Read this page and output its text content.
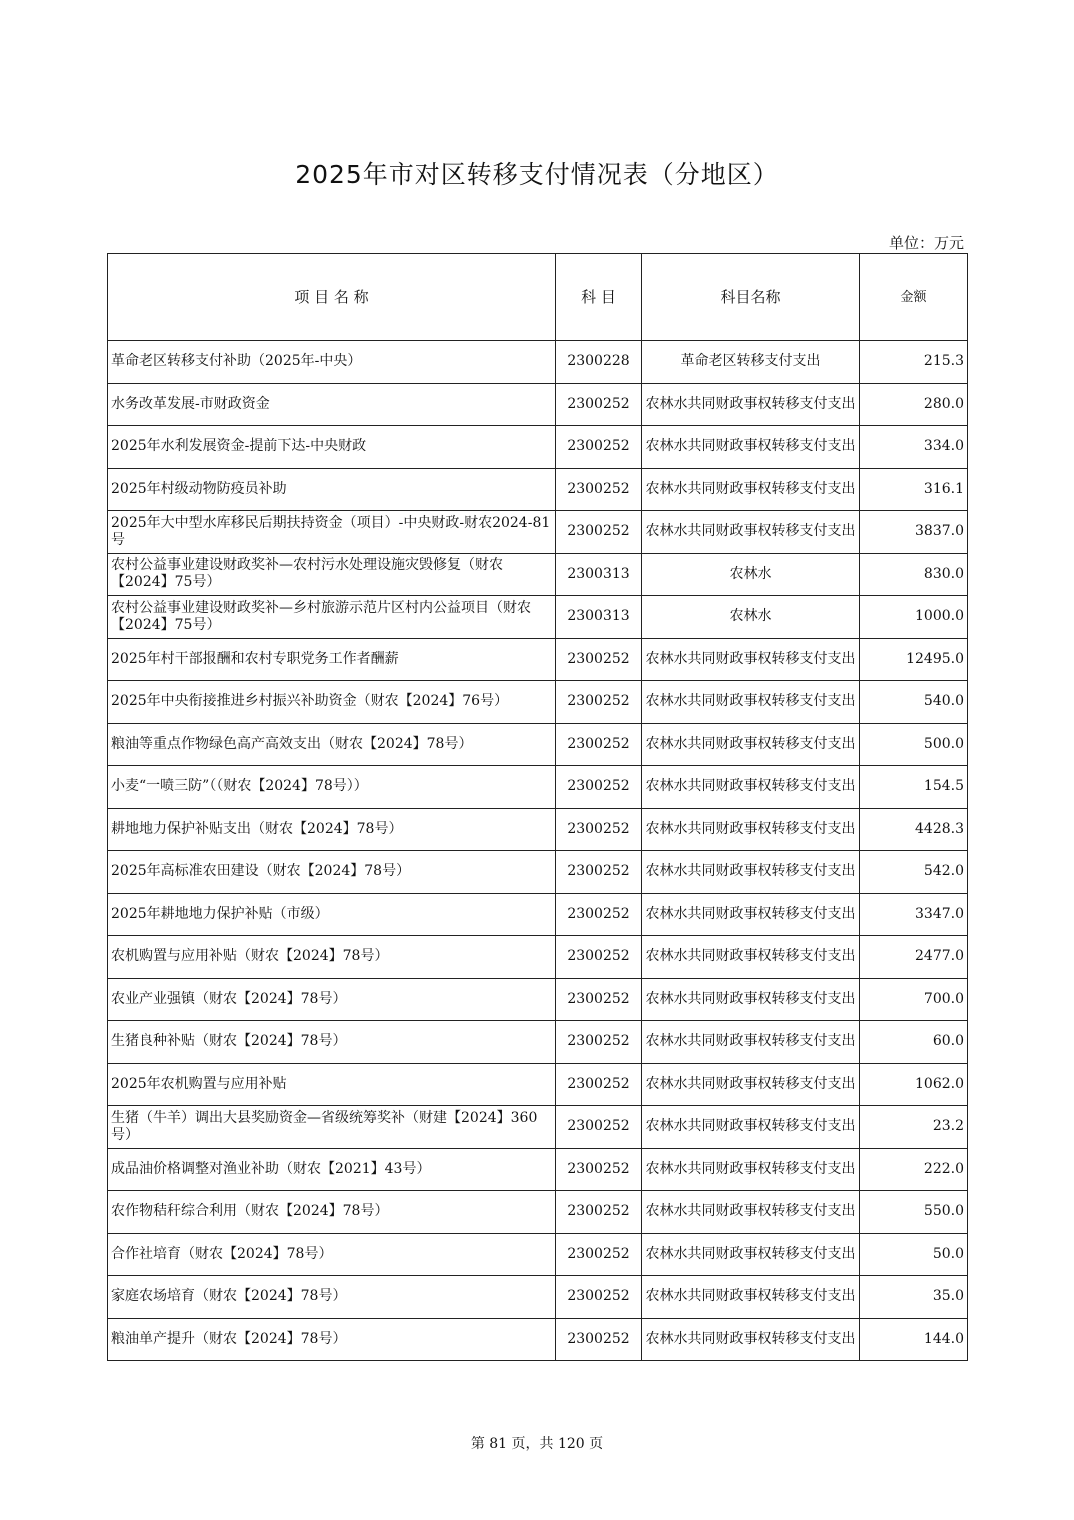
2025年市对区转移支付情况表（分地区）
单位：万元
项 目 名 称	科 目	科目名称	金额
革命老区转移支付补助（2025年-中央）	2300228	革命老区转移支付支出	215.3
水务改革发展-市财政资金	2300252	农林水共同财政事权转移支付支出	280.0
2025年水利发展资金-提前下达-中央财政	2300252	农林水共同财政事权转移支付支出	334.0
2025年村级动物防疫员补助	2300252	农林水共同财政事权转移支付支出	316.1
2025年大中型水库移民后期扶持资金（项目）-中央财政-财农2024-81号	2300252	农林水共同财政事权转移支付支出	3837.0
农村公益事业建设财政奖补—农村污水处理设施灾毁修复（财农【2024】75号）	2300313	农林水	830.0
农村公益事业建设财政奖补—乡村旅游示范片区村内公益项目（财农【2024】75号）	2300313	农林水	1000.0
2025年村干部报酬和农村专职党务工作者酬薪	2300252	农林水共同财政事权转移支付支出	12495.0
2025年中央衔接推进乡村振兴补助资金（财农【2024】76号）	2300252	农林水共同财政事权转移支付支出	540.0
粮油等重点作物绿色高产高效支出（财农【2024】78号）	2300252	农林水共同财政事权转移支付支出	500.0
小麦“一喷三防”（（财农【2024】78号））	2300252	农林水共同财政事权转移支付支出	154.5
耕地地力保护补贴支出（财农【2024】78号）	2300252	农林水共同财政事权转移支付支出	4428.3
2025年高标准农田建设（财农【2024】78号）	2300252	农林水共同财政事权转移支付支出	542.0
2025年耕地地力保护补贴（市级）	2300252	农林水共同财政事权转移支付支出	3347.0
农机购置与应用补贴（财农【2024】78号）	2300252	农林水共同财政事权转移支付支出	2477.0
农业产业强镇（财农【2024】78号）	2300252	农林水共同财政事权转移支付支出	700.0
生猪良种补贴（财农【2024】78号）	2300252	农林水共同财政事权转移支付支出	60.0
2025年农机购置与应用补贴	2300252	农林水共同财政事权转移支付支出	1062.0
生猪（牛羊）调出大县奖励资金—省级统筹奖补（财建【2024】360号）	2300252	农林水共同财政事权转移支付支出	23.2
成品油价格调整对渔业补助（财农【2021】43号）	2300252	农林水共同财政事权转移支付支出	222.0
农作物秸秆综合利用（财农【2024】78号）	2300252	农林水共同财政事权转移支付支出	550.0
合作社培育（财农【2024】78号）	2300252	农林水共同财政事权转移支付支出	50.0
家庭农场培育（财农【2024】78号）	2300252	农林水共同财政事权转移支付支出	35.0
粮油单产提升（财农【2024】78号）	2300252	农林水共同财政事权转移支付支出	144.0
第 81 页，共 120 页
